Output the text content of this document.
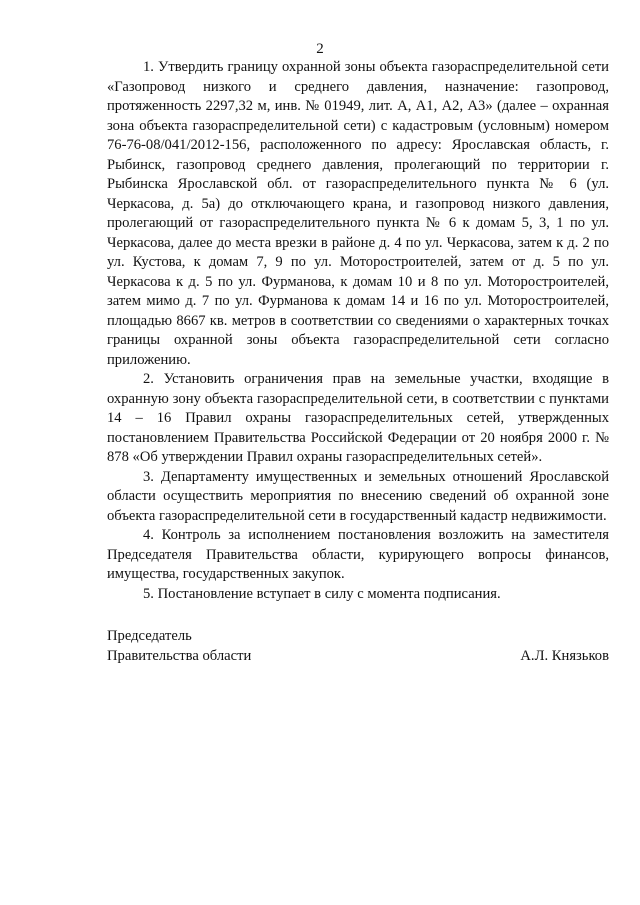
2

1. Утвердить границу охранной зоны объекта газораспределительной сети «Газопровод низкого и среднего давления, назначение: газопровод, протяженность 2297,32 м, инв. № 01949, лит. А, А1, А2, А3» (далее – охранная зона объекта газораспределительной сети) с кадастровым (условным) номером 76-76-08/041/2012-156, расположенного по адресу: Ярославская область, г. Рыбинск, газопровод среднего давления, пролегающий по территории г. Рыбинска Ярославской обл. от газораспределительного пункта № 6 (ул. Черкасова, д. 5а) до отключающего крана, и газопровод низкого давления, пролегающий от газораспределительного пункта № 6 к домам 5, 3, 1 по ул. Черкасова, далее до места врезки в районе д. 4 по ул. Черкасова, затем к д. 2 по ул. Кустова, к домам 7, 9 по ул. Моторостроителей, затем от д. 5 по ул. Черкасова к д. 5 по ул. Фурманова, к домам 10 и 8 по ул. Моторостроителей, затем мимо д. 7 по ул. Фурманова к домам 14 и 16 по ул. Моторостроителей, площадью 8667 кв. метров в соответствии со сведениями о характерных точках границы охранной зоны объекта газораспределительной сети согласно приложению.

2. Установить ограничения прав на земельные участки, входящие в охранную зону объекта газораспределительной сети, в соответствии с пунктами 14 – 16 Правил охраны газораспределительных сетей, утвержденных постановлением Правительства Российской Федерации от 20 ноября 2000 г. № 878 «Об утверждении Правил охраны газораспределительных сетей».

3. Департаменту имущественных и земельных отношений Ярославской области осуществить мероприятия по внесению сведений об охранной зоне объекта газораспределительной сети в государственный кадастр недвижимости.

4. Контроль за исполнением постановления возложить на заместителя Председателя Правительства области, курирующего вопросы финансов, имущества, государственных закупок.

5. Постановление вступает в силу с момента подписания.

Председатель
Правительства области	А.Л. Князьков
